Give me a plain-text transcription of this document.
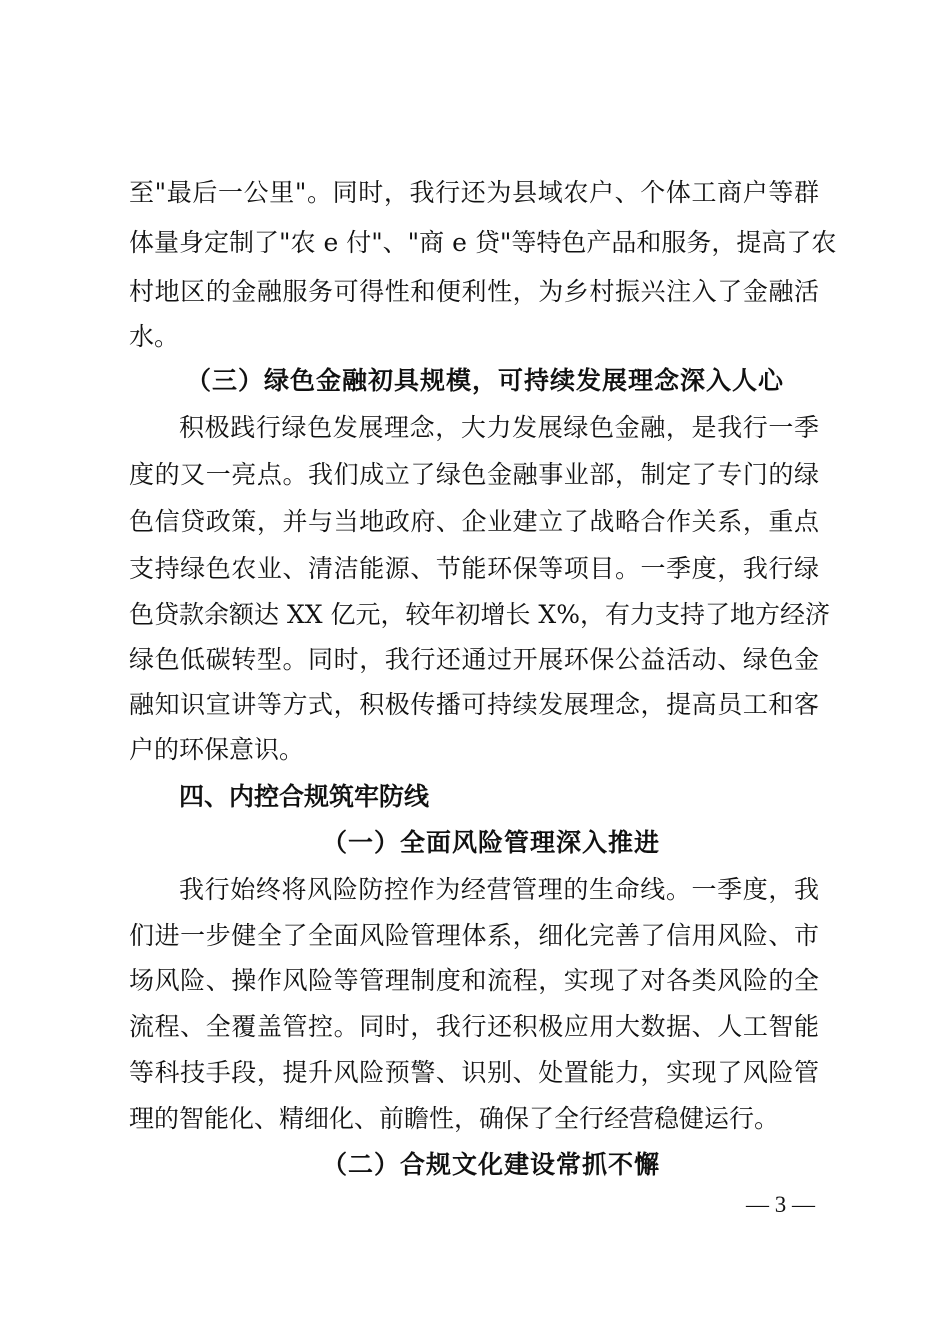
至"最后一公里"。同时，我行还为县域农户、个体工商户等群
体量身定制了"农 e 付"、"商 e 贷"等特色产品和服务，提高了农
村地区的金融服务可得性和便利性，为乡村振兴注入了金融活
水。
（三）绿色金融初具规模，可持续发展理念深入人心
积极践行绿色发展理念，大力发展绿色金融，是我行一季
度的又一亮点。我们成立了绿色金融事业部，制定了专门的绿
色信贷政策，并与当地政府、企业建立了战略合作关系，重点
支持绿色农业、清洁能源、节能环保等项目。一季度，我行绿
色贷款余额达 XX 亿元，较年初增长 X%，有力支持了地方经济
绿色低碳转型。同时，我行还通过开展环保公益活动、绿色金
融知识宣讲等方式，积极传播可持续发展理念，提高员工和客
户的环保意识。
四、内控合规筑牢防线
（一）全面风险管理深入推进
我行始终将风险防控作为经营管理的生命线。一季度，我
们进一步健全了全面风险管理体系，细化完善了信用风险、市
场风险、操作风险等管理制度和流程，实现了对各类风险的全
流程、全覆盖管控。同时，我行还积极应用大数据、人工智能
等科技手段，提升风险预警、识别、处置能力，实现了风险管
理的智能化、精细化、前瞻性，确保了全行经营稳健运行。
（二）合规文化建设常抓不懈
— 3 —
